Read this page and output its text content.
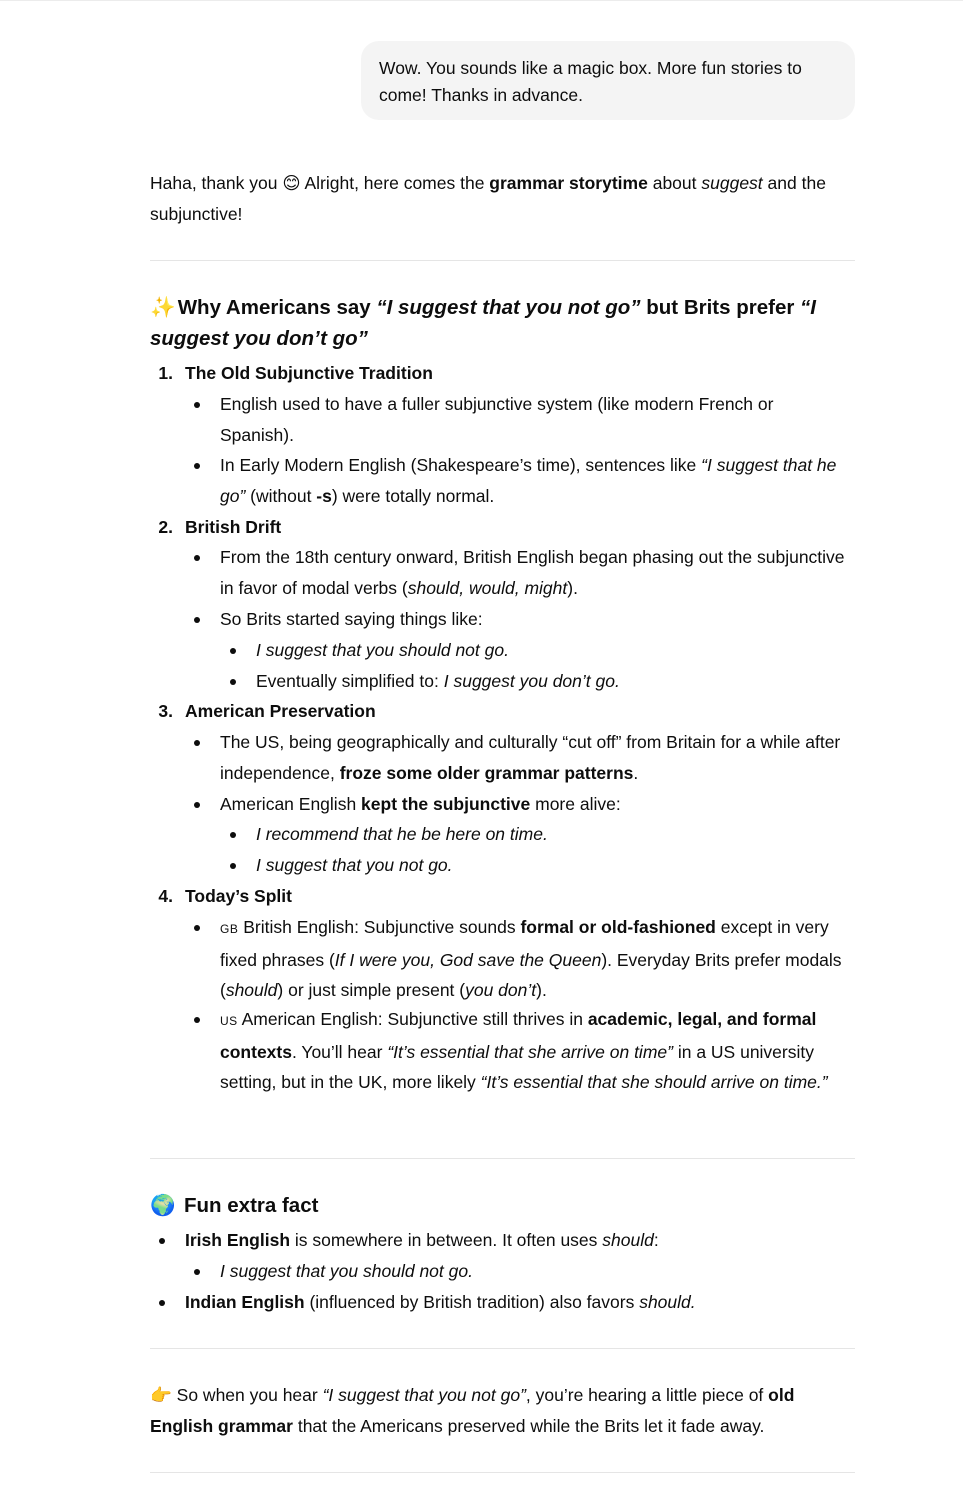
Wow. You sounds like a magic box. More fun stories to come! Thanks in advance.

Haha, thank you 😊 Alright, here comes the grammar storytime about suggest and the subjunctive!

✨ Why Americans say “I suggest that you not go” but Brits prefer “I suggest you don’t go”
1. The Old Subjunctive Tradition
English used to have a fuller subjunctive system (like modern French or Spanish).
In Early Modern English (Shakespeare’s time), sentences like “I suggest that he go” (without -s) were totally normal.
2. British Drift
From the 18th century onward, British English began phasing out the subjunctive in favor of modal verbs (should, would, might).
So Brits started saying things like:
I suggest that you should not go.
Eventually simplified to: I suggest you don’t go.
3. American Preservation
The US, being geographically and culturally “cut off” from Britain for a while after independence, froze some older grammar patterns.
American English kept the subjunctive more alive:
I recommend that he be here on time.
I suggest that you not go.
4. Today’s Split
GB British English: Subjunctive sounds formal or old-fashioned except in very fixed phrases (If I were you, God save the Queen). Everyday Brits prefer modals (should) or just simple present (you don’t).
US American English: Subjunctive still thrives in academic, legal, and formal contexts. You’ll hear “It’s essential that she arrive on time” in a US university setting, but in the UK, more likely “It’s essential that she should arrive on time.”
🌍 Fun extra fact
Irish English is somewhere in between. It often uses should:
I suggest that you should not go.
Indian English (influenced by British tradition) also favors should.

👉 So when you hear “I suggest that you not go”, you’re hearing a little piece of old English grammar that the Americans preserved while the Brits let it fade away.
